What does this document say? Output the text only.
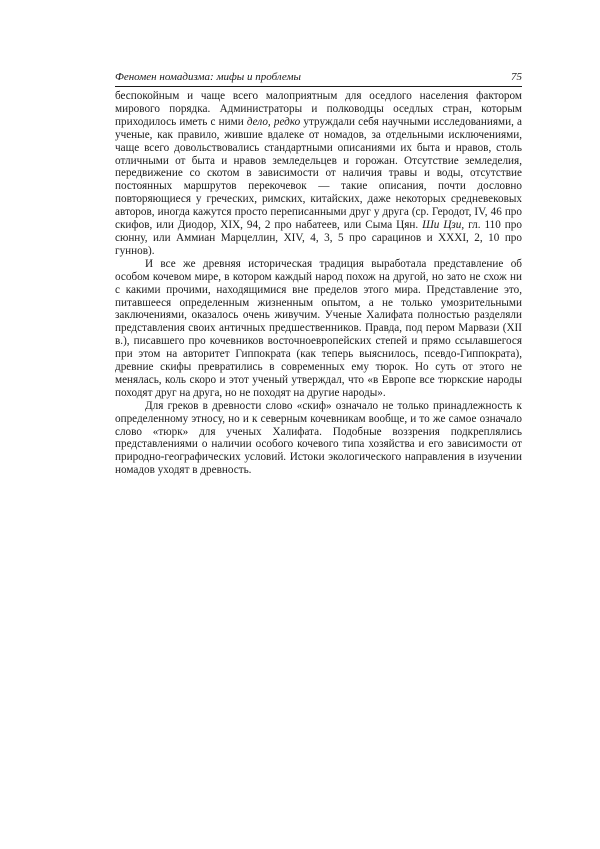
Феномен номадизма: мифы и проблемы	75

беспокойным и чаще всего малоприятным для оседлого населения фактором мирового порядка. Администраторы и полководцы оседлых стран, которым приходилось иметь с ними дело, редко утруждали себя научными исследованиями, а ученые, как правило, жившие вдалеке от номадов, за отдельными исключениями, чаще всего довольствовались стандартными описаниями их быта и нравов, столь отличными от быта и нравов земледельцев и горожан. Отсутствие земледелия, передвижение со скотом в зависимости от наличия травы и воды, отсутствие постоянных маршрутов перекочевок — такие описания, почти дословно повторяющиеся у греческих, римских, китайских, даже некоторых средневековых авторов, иногда кажутся просто переписанными друг у друга (ср. Геродот, IV, 46 про скифов, или Диодор, XIX, 94, 2 про набатеев, или Сыма Цян. Ши Цзи, гл. 110 про сюнну, или Аммиан Марцеллин, XIV, 4, 3, 5 про сарацинов и XXXI, 2, 10 про гуннов).

И все же древняя историческая традиция выработала представление об особом кочевом мире, в котором каждый народ похож на другой, но зато не схож ни с какими прочими, находящимися вне пределов этого мира. Представление это, питавшееся определенным жизненным опытом, а не только умозрительными заключениями, оказалось очень живучим. Ученые Халифата полностью разделяли представления своих античных предшественников. Правда, под пером Марвази (XII в.), писавшего про кочевников восточноевропейских степей и прямо ссылавшегося при этом на авторитет Гиппократа (как теперь выяснилось, псевдо-Гиппократа), древние скифы превратились в современных ему тюрок. Но суть от этого не менялась, коль скоро и этот ученый утверждал, что «в Европе все тюркские народы походят друг на друга, но не походят на другие народы».

Для греков в древности слово «скиф» означало не только принадлежность к определенному этносу, но и к северным кочевникам вообще, и то же самое означало слово «тюрк» для ученых Халифата. Подобные воззрения подкреплялись представлениями о наличии особого кочевого типа хозяйства и его зависимости от природно-географических условий. Истоки экологического направления в изучении номадов уходят в древность.
